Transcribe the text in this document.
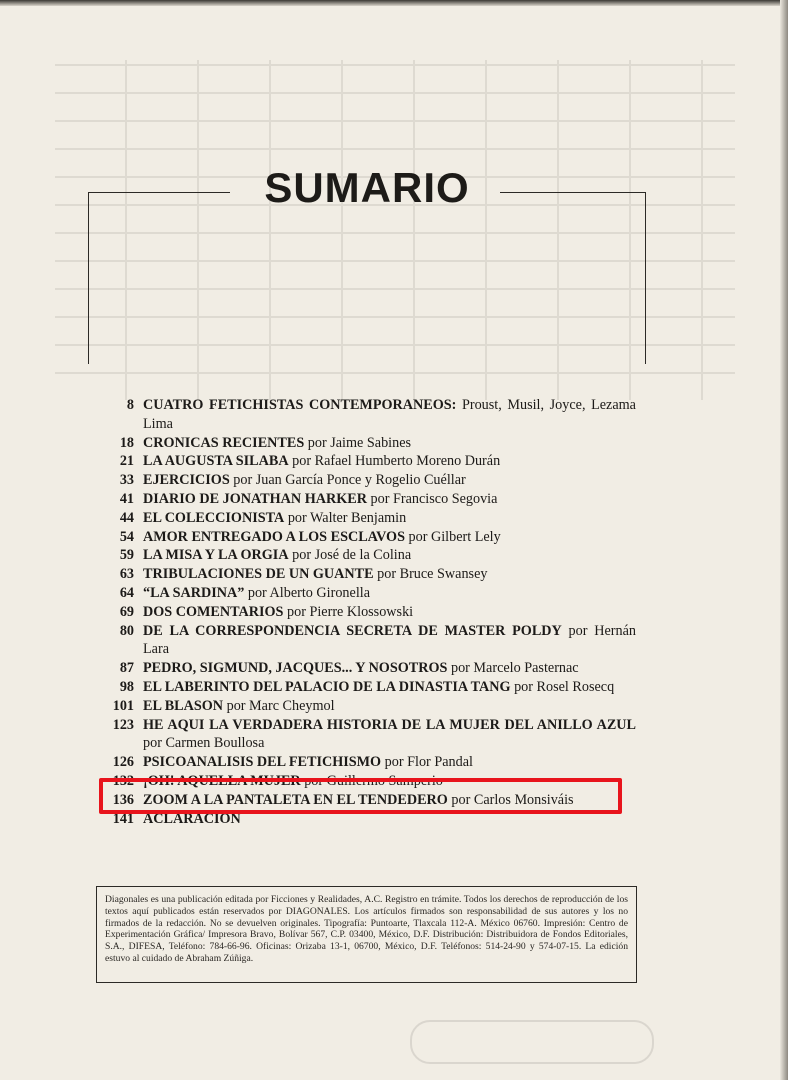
SUMARIO
8 CUATRO FETICHISTAS CONTEMPORANEOS: Proust, Musil, Joyce, Lezama Lima
18 CRONICAS RECIENTES por Jaime Sabines
21 LA AUGUSTA SILABA por Rafael Humberto Moreno Durán
33 EJERCICIOS por Juan García Ponce y Rogelio Cuéllar
41 DIARIO DE JONATHAN HARKER por Francisco Segovia
44 EL COLECCIONISTA por Walter Benjamin
54 AMOR ENTREGADO A LOS ESCLAVOS por Gilbert Lely
59 LA MISA Y LA ORGIA por José de la Colina
63 TRIBULACIONES DE UN GUANTE por Bruce Swansey
64 “LA SARDINA” por Alberto Gironella
69 DOS COMENTARIOS por Pierre Klossowski
80 DE LA CORRESPONDENCIA SECRETA DE MASTER POLDY por Hernán Lara
87 PEDRO, SIGMUND, JACQUES... Y NOSOTROS por Marcelo Pasternac
98 EL LABERINTO DEL PALACIO DE LA DINASTIA TANG por Rosel Rosecq
101 EL BLASON por Marc Cheymol
123 HE AQUI LA VERDADERA HISTORIA DE LA MUJER DEL ANILLO AZUL por Carmen Boullosa
126 PSICOANALISIS DEL FETICHISMO por Flor Pandal
132 ¡OH! AQUELLA MUJER por Guillermo Samperio
136 ZOOM A LA PANTALETA EN EL TENDEDERO por Carlos Monsiváis
141 ACLARACION
Diagonales es una publicación editada por Ficciones y Realidades, A.C. Registro en trámite. Todos los derechos de reproducción de los textos aquí publicados están reservados por DIAGONALES. Los artículos firmados son responsabilidad de sus autores y los no firmados de la redacción. No se devuelven originales. Tipografía: Puntoarte, Tlaxcala 112-A. México 06760. Impresión: Centro de Experimentación Gráfica/ Impresora Bravo, Bolívar 567, C.P. 03400, México, D.F. Distribución: Distribuidora de Fondos Editoriales, S.A., DIFESA, Teléfono: 784-66-96. Oficinas: Orizaba 13-1, 06700, México, D.F. Teléfonos: 514-24-90 y 574-07-15. La edición estuvo al cuidado de Abraham Zúñiga.
